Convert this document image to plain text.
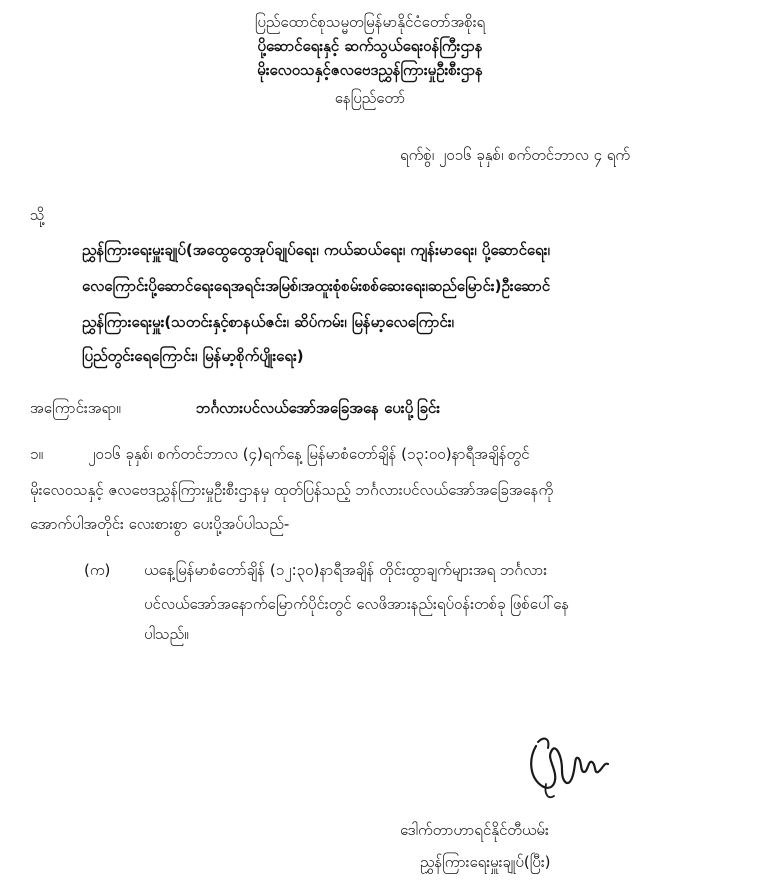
ပြည်ထောင်စုသမ္မတမြန်မာနိုင်ငံတော်အစိုးရ
ပို့ဆောင်ရေးနှင့် ဆက်သွယ်ရေးဝန်ကြီးဌာန
မိုးလေဝသနှင့်ဇလဗေဒညွှန်ကြားမှုဦးစီးဌာန
နေပြည်တော်
ရက်စွဲ၊ ၂၀၁၆ ခုနှစ်၊ စက်တင်ဘာလ ၄ ရက်
သို့
ညွှန်ကြားရေးမှူးချုပ်(အထွေထွေအုပ်ချုပ်ရေး၊ ကယ်ဆယ်ရေး၊ ကျန်းမာရေး၊ ပို့ဆောင်ရေး၊
လေကြောင်းပို့ဆောင်ရေးရေအရင်းအမြစ်၊အထူးစုံစမ်းစစ်ဆေးရေး၊ဆည်မြောင်း)ဦးဆောင်
ညွှန်ကြားရေးမှူး(သတင်းနှင့်စာနယ်ဇင်း၊ ဆိပ်ကမ်း၊ မြန်မာ့လေကြောင်း၊
ပြည်တွင်းရေကြောင်း၊ မြန်မာ့စိုက်ပျိုးရေး)
အကြောင်းအရာ။	ဘင်္ဂလားပင်လယ်အော်အခြေအနေ ပေးပို့ခြင်း
၁။	၂၀၁၆ ခုနှစ်၊ စက်တင်ဘာလ (၄)ရက်နေ့ မြန်မာစံတော်ချိန် (၁၃:၀၀)နာရီအချိန်တွင်
မိုးလေဝသနှင့် ဇလဗေဒညွှန်ကြားမှုဦးစီးဌာနမှ ထုတ်ပြန်သည့် ဘင်္ဂလားပင်လယ်အော်အခြေအနေကို
အောက်ပါအတိုင်း လေးစားစွာ ပေးပို့အပ်ပါသည်-
(က) ယနေ့မြန်မာစံတော်ချိန် (၁၂:၃၀)နာရီအချိန် တိုင်းထွာချက်များအရ ဘင်္ဂလား
ပင်လယ်အော်အနောက်မြောက်ပိုင်းတွင် လေဖိအားနည်းရပ်ဝန်းတစ်ခု ဖြစ်ပေါ်နေ
ပါသည်။
ဒေါက်တာဟာရင်နိုင်တီယမ်း
ညွှန်ကြားရေးမှူးချုပ်(ပြီး)
